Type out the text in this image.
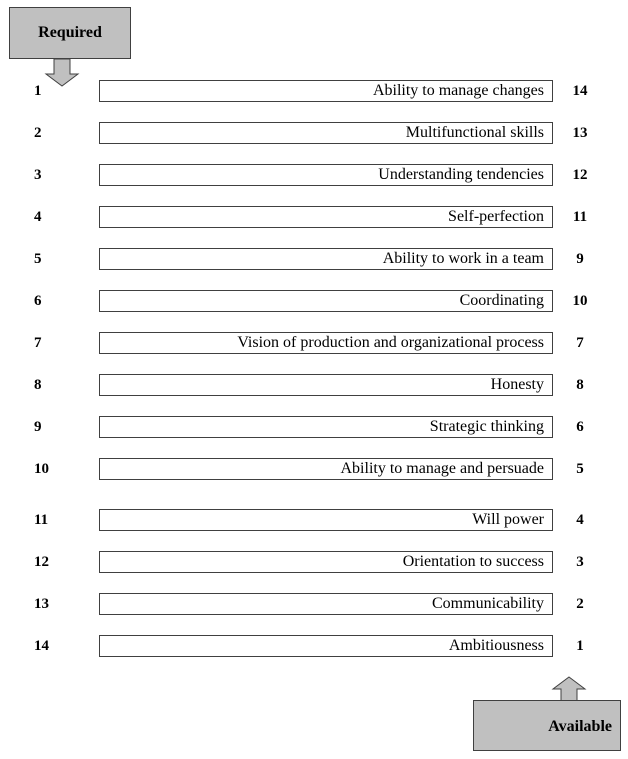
Required
1	Ability to manage changes	14
2	Multifunctional skills	13
3	Understanding tendencies	12
4	Self-perfection	11
5	Ability to work in a team	9
6	Coordinating	10
7	Vision of production and organizational process	7
8	Honesty	8
9	Strategic thinking	6
10	Ability to manage and persuade	5
11	Will power	4
12	Orientation to success	3
13	Communicability	2
14	Ambitiousness	1
Available
